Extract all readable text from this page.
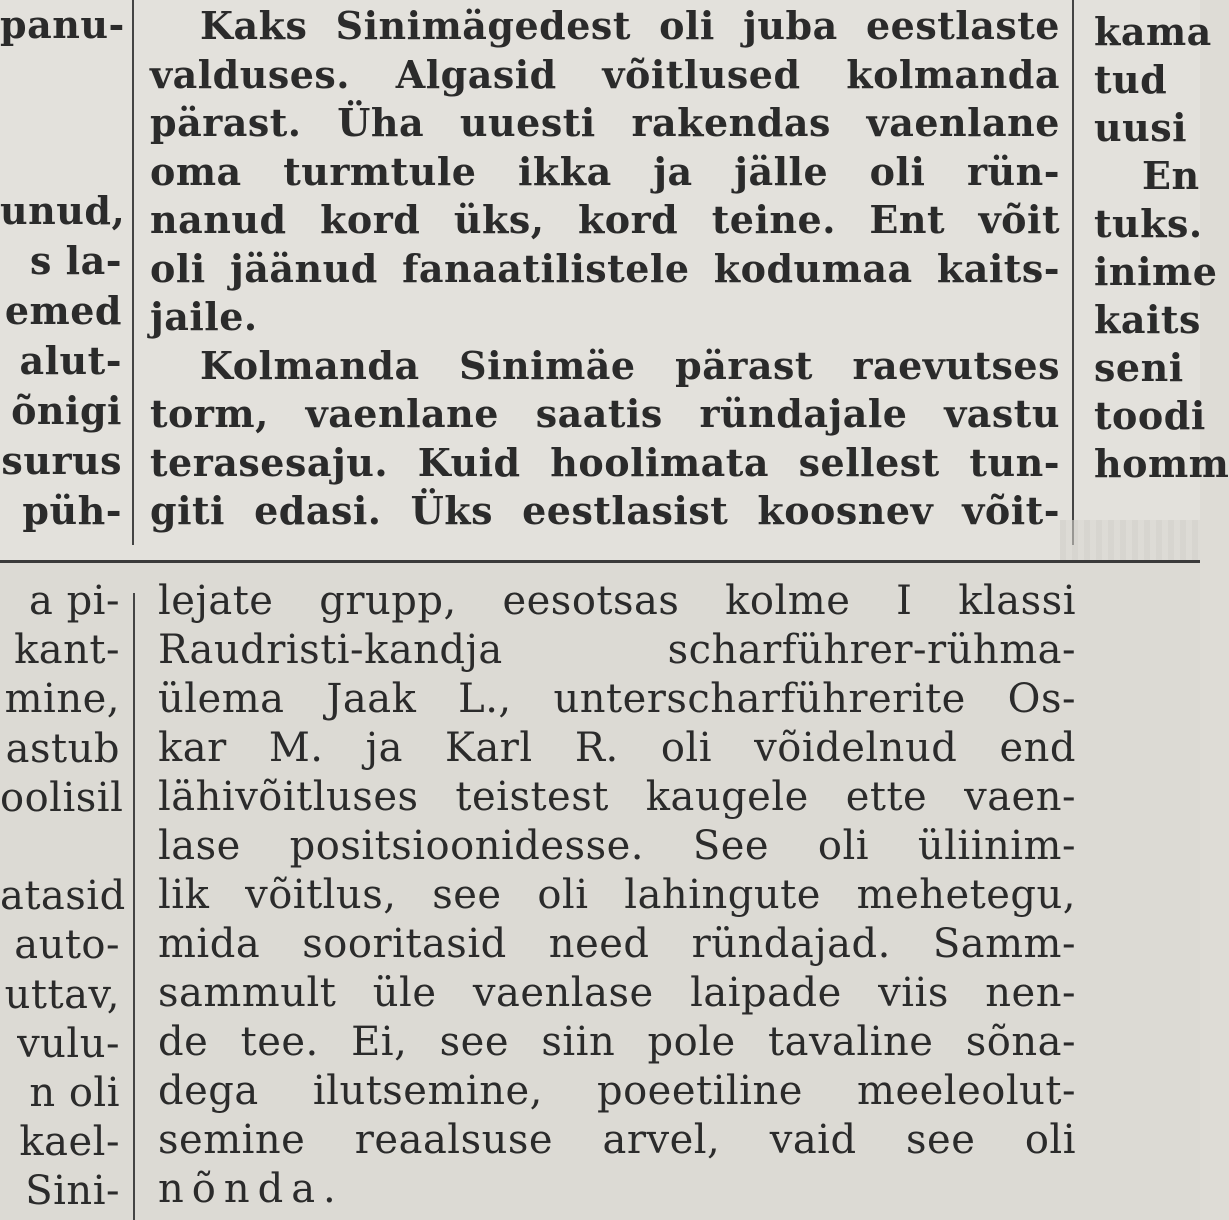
panu-
unud,
s la-
emed
alut-
õnigi
surus
püh-
Kaks Sinimägedest oli juba eestlaste
valduses. Algasid võitlused kolmanda
pärast. Üha uuesti rakendas vaenlane
oma turmtule ikka ja jälle oli rün-
nanud kord üks, kord teine. Ent võit
oli jäänud fanaatilistele kodumaa kaits-
jaile.
Kolmanda Sinimäe pärast raevutses
torm, vaenlane saatis ründajale vastu
terasesaju. Kuid hoolimata sellest tun-
giti edasi. Üks eestlasist koosnev võit-
kama
tud
uusi
En
tuks.
inime
kaits
seni
toodi
homm
a pi-
kant-
mine,
astub
oolisil
atasid
auto-
uttav,
vulu-
n oli
kael-
Sini-
lejate grupp, eesotsas kolme I klassi
Raudristi-kandja scharführer-rühma-
ülema Jaak L., unterscharführerite Os-
kar M. ja Karl R. oli võidelnud end
lähivõitluses teistest kaugele ette vaen-
lase positsioonidesse. See oli üliinim-
lik võitlus, see oli lahingute mehetegu,
mida sooritasid need ründajad. Samm-
sammult üle vaenlase laipade viis nen-
de tee. Ei, see siin pole tavaline sõna-
dega ilutsemine, poeetiline meeleolut-
semine reaalsuse arvel, vaid see oli
nõnda.
